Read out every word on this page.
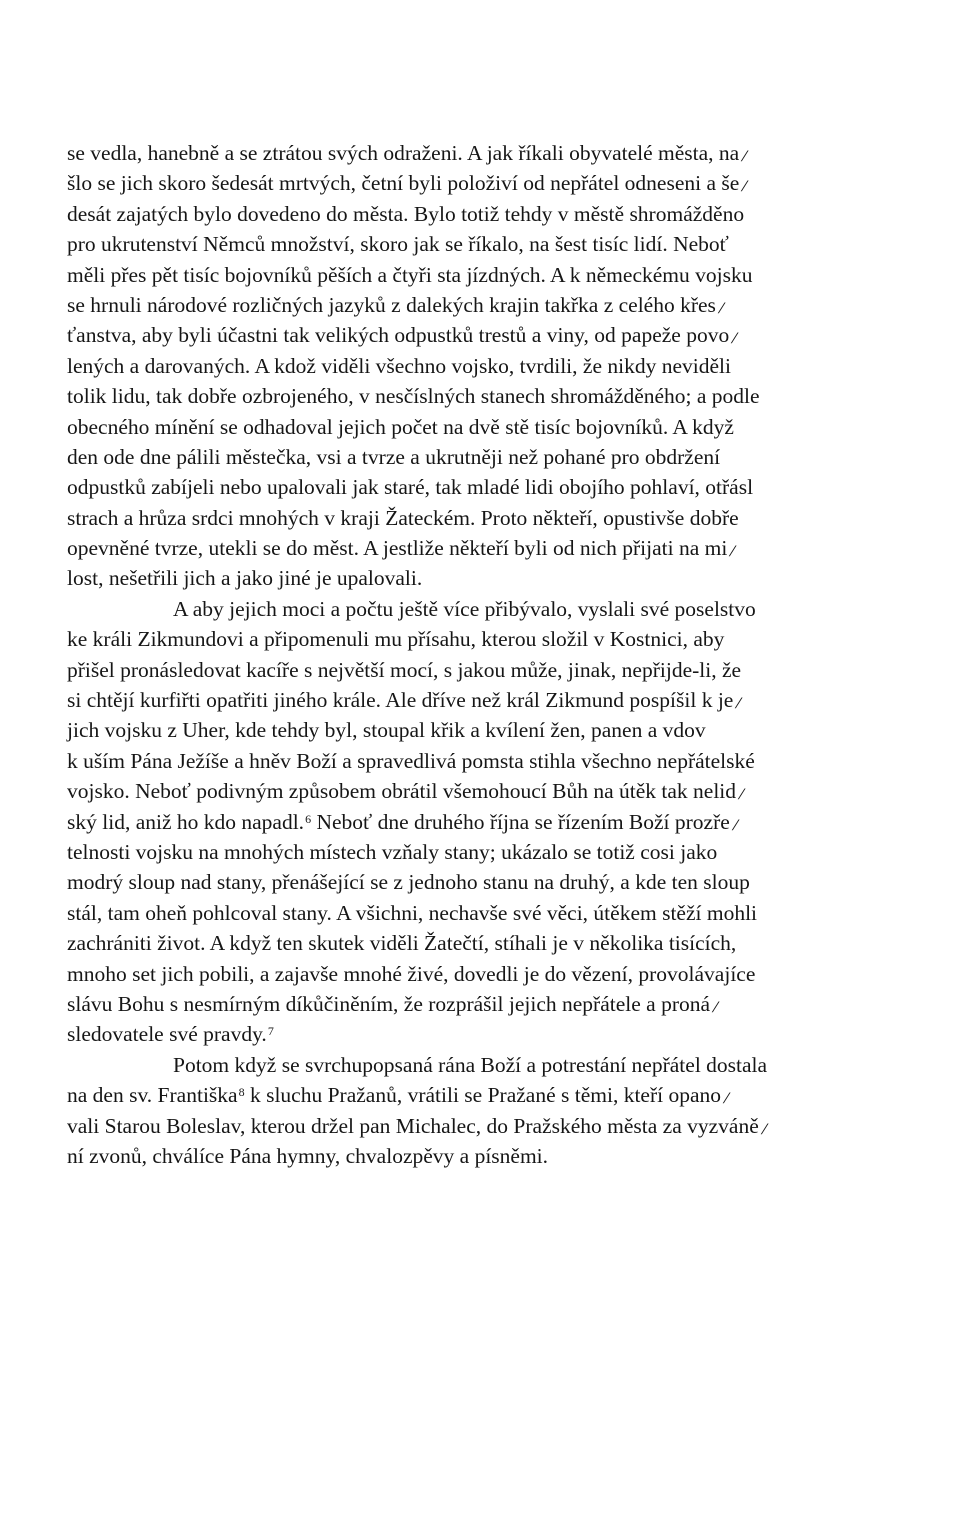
se vedla, hanebně a se ztrátou svých odraženi. A jak říkali obyvatelé města, na/
šlo se jich skoro šedesát mrtvých, četní byli položiví od nepřátel odneseni a še/
desát zajatých bylo dovedeno do města. Bylo totiž tehdy v městě shromážděno
pro ukrutenství Němců množství, skoro jak se říkalo, na šest tisíc lidí. Neboť
měli přes pět tisíc bojovníků pěších a čtyři sta jízdných. A k německému vojsku
se hrnuli národové rozličných jazyků z dalekých krajin takřka z celého křes/
ťanstva, aby byli účastni tak velikých odpustků trestů a viny, od papeže povo/
lených a darovaných. A kdož viděli všechno vojsko, tvrdili, že nikdy neviděli
tolik lidu, tak dobře ozbrojeného, v nesčíslných stanech shromážděného; a podle
obecného mínění se odhadoval jejich počet na dvě stě tisíc bojovníků. A když
den ode dne pálili městečka, vsi a tvrze a ukrutněji než pohané pro obdržení
odpustků zabíjeli nebo upalovali jak staré, tak mladé lidi obojího pohlaví, otřásl
strach a hrůza srdci mnohých v kraji Žateckém. Proto někteří, opustivše dobře
opevněné tvrze, utekli se do měst. A jestliže někteří byli od nich přijati na mi/
lost, nešetřili jich a jako jiné je upalovali.
A aby jejich moci a počtu ještě více přibývalo, vyslali své poselstvo
ke králi Zikmundovi a připomenuli mu přísahu, kterou složil v Kostnici, aby
přišel pronásledovat kacíře s největší mocí, s jakou může, jinak, nepřijde-li, že
si chtějí kurfiřti opatřiti jiného krále. Ale dříve než král Zikmund pospíšil k je/
jich vojsku z Uher, kde tehdy byl, stoupal křik a kvílení žen, panen a vdov
k uším Pána Ježíše a hněv Boží a spravedlivá pomsta stihla všechno nepřátelské
vojsko. Neboť podivným způsobem obrátil všemohoucí Bůh na útěk tak nelid/
ský lid, aniž ho kdo napadl.$^6$ Neboť dne druhého října se řízením Boží prozře/
telnosti vojsku na mnohých místech vzňaly stany; ukázalo se totiž cosi jako
modrý sloup nad stany, přenášející se z jednoho stanu na druhý, a kde ten sloup
stál, tam oheň pohlcoval stany. A všichni, nechavše své věci, útěkem stěží mohli
zachrániti život. A když ten skutek viděli Žatečtí, stíhali je v několika tisících,
mnoho set jich pobili, a zajavše mnohé živé, dovedli je do vězení, provolávajíce
slávu Bohu s nesmírným díkůčiněním, že rozprášil jejich nepřátele a proná/
sledovatele své pravdy.$^7$
Potom když se svrchupopsaná rána Boží a potrestání nepřátel dostala
na den sv. Františka$^8$ k sluchu Pražanů, vrátili se Pražané s těmi, kteří opano/
vali Starou Boleslav, kterou držel pan Michalec, do Pražského města za vyzváně/
ní zvonů, chválíce Pána hymny, chvalozpěvy a písněmi.
